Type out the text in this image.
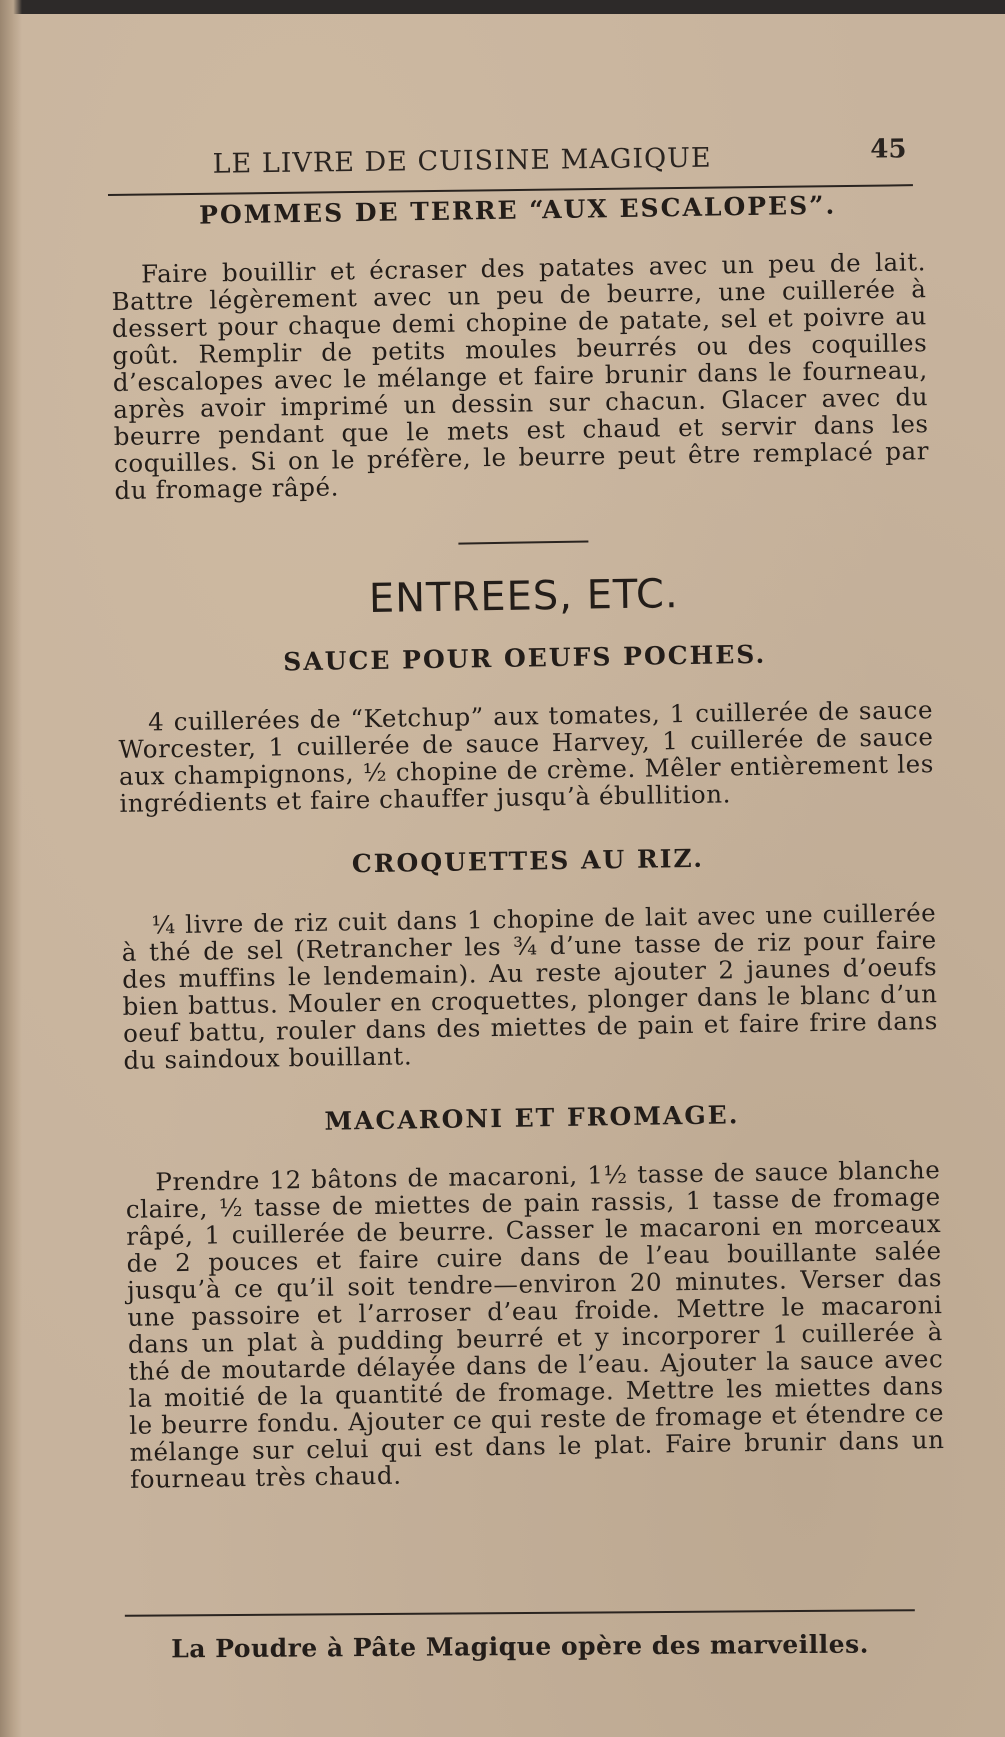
LE LIVRE DE CUISINE MAGIQUE	45
POMMES DE TERRE “AUX ESCALOPES”.

Faire bouillir et écraser des patates avec un peu de lait. Battre légèrement avec un peu de beurre, une cuillerée à dessert pour chaque demi chopine de patate, sel et poivre au goût. Remplir de petits moules beurrés ou des coquilles d’escalopes avec le mélange et faire brunir dans le fourneau, après avoir imprimé un dessin sur chacun. Glacer avec du beurre pendant que le mets est chaud et servir dans les coquilles. Si on le préfère, le beurre peut être remplacé par du fromage râpé.

ENTREES, ETC.
SAUCE POUR OEUFS POCHES.

4 cuillerées de “Ketchup” aux tomates, 1 cuillerée de sauce Worcester, 1 cuillerée de sauce Harvey, 1 cuillerée de sauce aux champignons, ½ chopine de crème. Mêler entièrement les ingrédients et faire chauffer jusqu’à ébullition.

CROQUETTES AU RIZ.

¼ livre de riz cuit dans 1 chopine de lait avec une cuillerée à thé de sel (Retrancher les ¾ d’une tasse de riz pour faire des muffins le lendemain). Au reste ajouter 2 jaunes d’oeufs bien battus. Mouler en croquettes, plonger dans le blanc d’un oeuf battu, rouler dans des miettes de pain et faire frire dans du saindoux bouillant.

MACARONI ET FROMAGE.

Prendre 12 bâtons de macaroni, 1½ tasse de sauce blanche claire, ½ tasse de miettes de pain rassis, 1 tasse de fromage râpé, 1 cuillerée de beurre. Casser le macaroni en morceaux de 2 pouces et faire cuire dans de l’eau bouillante salée jusqu’à ce qu’il soit tendre—environ 20 minutes. Verser das une passoire et l’arroser d’eau froide. Mettre le macaroni dans un plat à pudding beurré et y incorporer 1 cuillerée à thé de moutarde délayée dans de l’eau. Ajouter la sauce avec la moitié de la quantité de fromage. Mettre les miettes dans le beurre fondu. Ajouter ce qui reste de fromage et étendre ce mélange sur celui qui est dans le plat. Faire brunir dans un fourneau très chaud.

La Poudre à Pâte Magique opère des marveilles.
